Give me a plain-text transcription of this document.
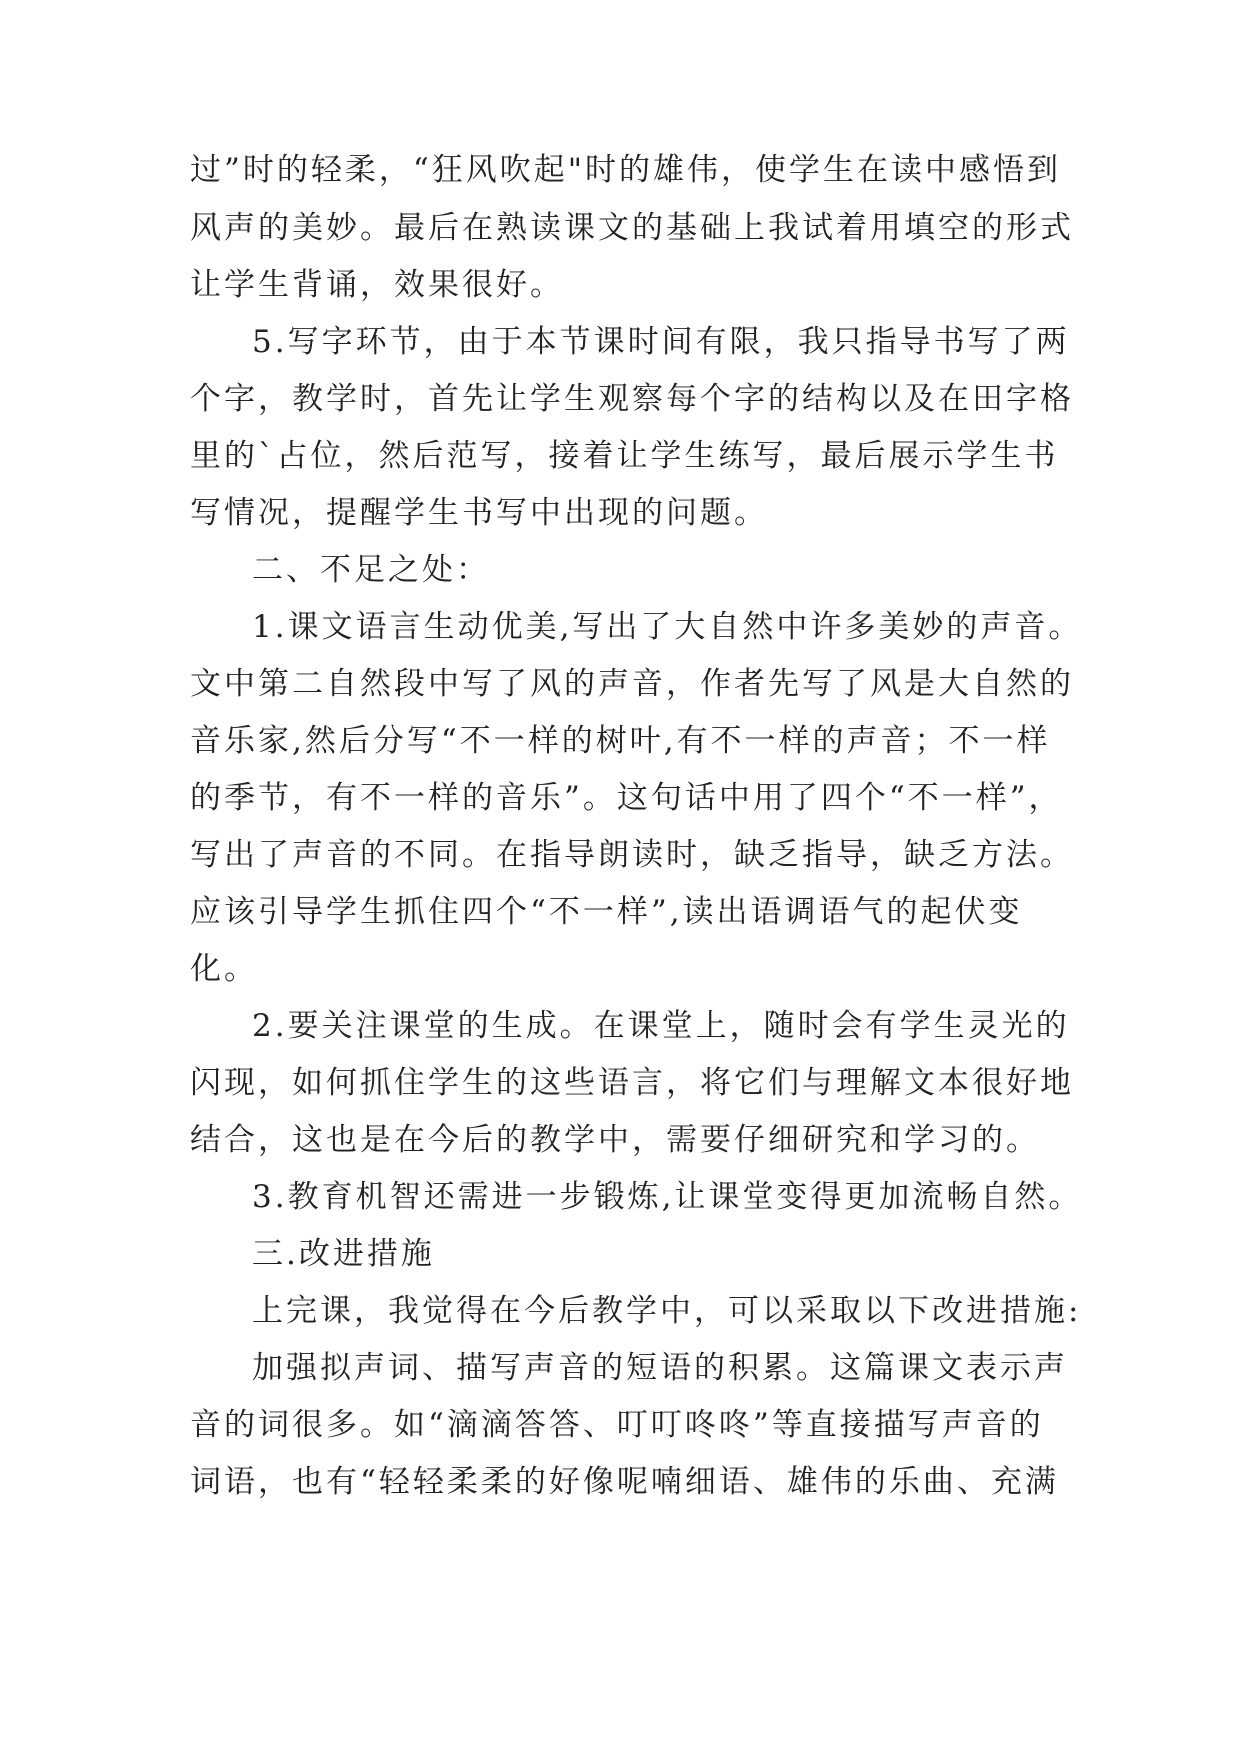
过”时的轻柔，“狂风吹起"时的雄伟，使学生在读中感悟到
风声的美妙。最后在熟读课文的基础上我试着用填空的形式
让学生背诵，效果很好。
5.写字环节，由于本节课时间有限，我只指导书写了两
个字，教学时，首先让学生观察每个字的结构以及在田字格
里的`占位，然后范写，接着让学生练写，最后展示学生书
写情况，提醒学生书写中出现的问题。
二、不足之处：
1.课文语言生动优美,写出了大自然中许多美妙的声音。
文中第二自然段中写了风的声音，作者先写了风是大自然的
音乐家,然后分写“不一样的树叶,有不一样的声音；不一样
的季节，有不一样的音乐”。这句话中用了四个“不一样”，
写出了声音的不同。在指导朗读时，缺乏指导，缺乏方法。
应该引导学生抓住四个“不一样”,读出语调语气的起伏变
化。
2.要关注课堂的生成。在课堂上，随时会有学生灵光的
闪现，如何抓住学生的这些语言，将它们与理解文本很好地
结合，这也是在今后的教学中，需要仔细研究和学习的。
3.教育机智还需进一步锻炼,让课堂变得更加流畅自然。
三.改进措施
上完课，我觉得在今后教学中，可以采取以下改进措施:
加强拟声词、描写声音的短语的积累。这篇课文表示声
音的词很多。如“滴滴答答、叮叮咚咚”等直接描写声音的
词语，也有“轻轻柔柔的好像呢喃细语、雄伟的乐曲、充满
